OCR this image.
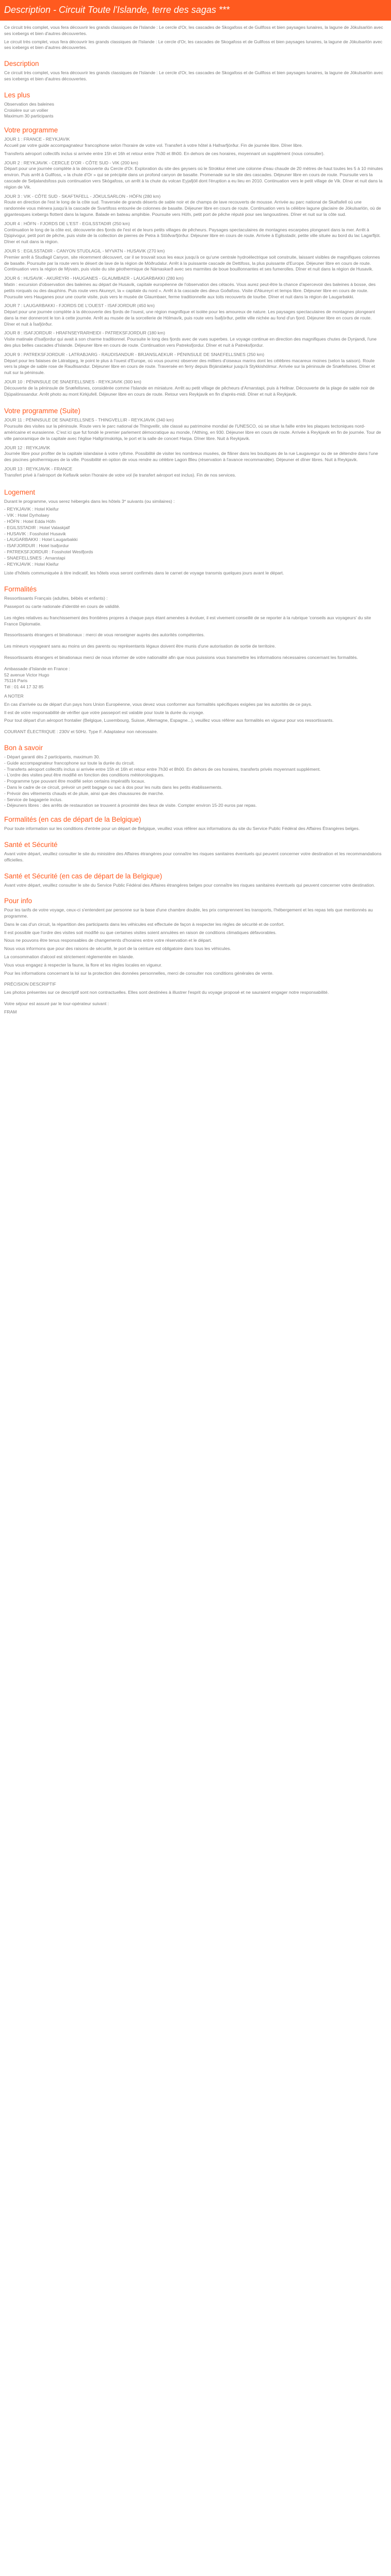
Description - Circuit Toute l'Islande, terre des sagas ***

Ce circuit très complet, vous fera découvrir les grands classiques de l'Islande : Le cercle d'Or, les cascades de Skogafoss et de Gullfoss et bien paysages lunaires, la lagune de Jökulsarlón avec ses icebergs et bien d'autres découvertes.

Le circuit très complet, vous fera découvrir les grands classiques de l'Islande : Le cercle d'Or, les cascades de Skogafoss et de Gullfoss et bien paysages lunaires, la lagune de Jökulsarlón avec ses icebergs et bien d'autres découvertes.

Description

Ce circuit très complet, vous fera découvrir les grands classiques de l'Islande : Le cercle d'Or, les cascades de Skogafoss et de Gullfoss et bien paysages lunaires, la lagune de Jökulsarlón avec ses icebergs et bien d'autres découvertes.

Les plus
Observation des baleines
Croisière sur un voilier
Maximum 30 participants
Votre programme
JOUR 1 : FRANCE - REYKJAVIK

Accueil par votre guide accompagnateur francophone selon l'horaire de votre vol. Transfert à votre hôtel à Hafnarfjörður. Fin de journée libre. Dîner libre.

Transferts aéroport collectifs inclus si arrivée entre 15h et 16h et retour entre 7h30 et 8h00. En dehors de ces horaires, moyennant un supplément (nous consulter).

JOUR 2 : REYKJAVIK - CERCLE D'OR - CÔTE SUD - VIK (200 km)

Départ pour une journée complète à la découverte du Cercle d'Or. Exploration du site des geysers où le Strokkur émet une colonne d'eau chaude de 20 mètres de haut toutes les 5 à 10 minutes environ. Puis arrêt à Gullfoss, « la chute d'Or » qui se précipite dans un profond canyon de basalte. Promenade sur le site des cascades. Déjeuner libre en cours de route. Poursuite vers la cascade de Seljalandsfoss puis continuation vers Skógafoss, un arrêt à la chute du volcan Eyjafjöll dont l'éruption a eu lieu en 2010. Continuation vers le petit village de Vik. Dîner et nuit dans la région de Vik.

JOUR 3 : VIK - CÔTE SUD - SKAFTAFELL - JÖKULSARLON - HÖFN (280 km)

Route en direction de l'est le long de la côte sud. Traversée de grands déserts de sable noir et de champs de lave recouverts de mousse. Arrivée au parc national de Skaftafell où une randonnée vous mènera jusqu'à la cascade de Svartifoss entourée de colonnes de basalte. Déjeuner libre en cours de route. Continuation vers la célèbre lagune glaciaire de Jökulsarlón, où de gigantesques icebergs flottent dans la lagune. Balade en bateau amphibie. Poursuite vers Höfn, petit port de pêche réputé pour ses langoustines. Dîner et nuit sur la côte sud.

JOUR 4 : HÖFN - FJORDS DE L'EST - EGILSSTADIR (250 km)

Continuation le long de la côte est, découverte des fjords de l'est et de leurs petits villages de pêcheurs. Paysages spectaculaires de montagnes escarpées plongeant dans la mer. Arrêt à Djúpivogur, petit port de pêche, puis visite de la collection de pierres de Petra à Stöðvarfjörður. Déjeuner libre en cours de route. Arrivée à Egilsstadir, petite ville située au bord du lac Lagarfljót. Dîner et nuit dans la région.

JOUR 5 : EGILSSTADIR - CANYON STUDLAGIL - MYVATN - HUSAVIK (270 km)

Premier arrêt à Studlagil Canyon, site récemment découvert, car il se trouvait sous les eaux jusqu'à ce qu'une centrale hydroélectrique soit construite, laissant visibles de magnifiques colonnes de basalte. Poursuite par la route vers le désert de lave de la région de Möðrudalur. Arrêt à la puissante cascade de Dettifoss, la plus puissante d'Europe. Déjeuner libre en cours de route. Continuation vers la région de Mývatn, puis visite du site géothermique de Námaskarð avec ses marmites de boue bouillonnantes et ses fumerolles. Dîner et nuit dans la région de Husavik.

JOUR 6 : HUSAVIK - AKUREYRI - HAUGANES - GLAUMBAER - LAUGARBAKKI (280 km)

Matin : excursion d'observation des baleines au départ de Husavik, capitale européenne de l'observation des cétacés. Vous aurez peut-être la chance d'apercevoir des baleines à bosse, des petits rorquals ou des dauphins. Puis route vers Akureyri, la « capitale du nord ». Arrêt à la cascade des dieux Goðafoss. Visite d'Akureyri et temps libre. Déjeuner libre en cours de route. Poursuite vers Hauganes pour une courte visite, puis vers le musée de Glaumbaer, ferme traditionnelle aux toits recouverts de tourbe. Dîner et nuit dans la région de Laugarbakki.

JOUR 7 : LAUGARBAKKI - FJORDS DE L'OUEST - ISAFJORDUR (450 km)

Départ pour une journée complète à la découverte des fjords de l'ouest, une région magnifique et isolée pour les amoureux de nature. Les paysages spectaculaires de montagnes plongeant dans la mer donneront le ton à cette journée. Arrêt au musée de la sorcellerie de Hólmavík, puis route vers Ísafjörður, petite ville nichée au fond d'un fjord. Déjeuner libre en cours de route. Dîner et nuit à Ísafjörður.

JOUR 8 : ISAFJORDUR - HRAFNSEYRARHEIDI - PATREKSFJORDUR (180 km)

Visite matinale d'Isafjordur qui avait à son charme traditionnel. Poursuite le long des fjords avec de vues superbes. Le voyage continue en direction des magnifiques chutes de Dynjandi, l'une des plus belles cascades d'Islande. Déjeuner libre en cours de route. Continuation vers Patreksfjordur. Dîner et nuit à Patreksfjordur.

JOUR 9 : PATREKSFJORDUR - LATRABJARG - RAUDISANDUR - BRJANSLAEKUR - PÉNINSULE DE SNAEFELLSNES (250 km)

Départ pour les falaises de Látrabjarg, le point le plus à l'ouest d'Europe, où vous pourrez observer des milliers d'oiseaux marins dont les célèbres macareux moines (selon la saison). Route vers la plage de sable rose de Rauðisandur. Déjeuner libre en cours de route. Traversée en ferry depuis Brjánslækur jusqu'à Stykkishólmur. Arrivée sur la péninsule de Snæfellsnes. Dîner et nuit sur la péninsule.

JOUR 10 : PÉNINSULE DE SNAEFELLSNES - REYKJAVIK (300 km)

Découverte de la péninsule de Snæfellsnes, considérée comme l'Islande en miniature. Arrêt au petit village de pêcheurs d'Arnarstapi, puis à Hellnar. Découverte de la plage de sable noir de Djúpalónssandur. Arrêt photo au mont Kirkjufell. Déjeuner libre en cours de route. Retour vers Reykjavik en fin d'après-midi. Dîner et nuit à Reykjavik.

Votre programme (Suite)
JOUR 11 : PÉNINSULE DE SNAEFELLSNES - THINGVELLIR - REYKJAVIK (340 km)

Poursuite des visites sur la péninsule. Route vers le parc national de Thingvellir, site classé au patrimoine mondial de l'UNESCO, où se situe la faille entre les plaques tectoniques nord-américaine et eurasienne. C'est ici que fut fondé le premier parlement démocratique au monde, l'Althing, en 930. Déjeuner libre en cours de route. Arrivée à Reykjavik en fin de journée. Tour de ville panoramique de la capitale avec l'église Hallgrímskirkja, le port et la salle de concert Harpa. Dîner libre. Nuit à Reykjavik.

JOUR 12 : REYKJAVIK

Journée libre pour profiter de la capitale islandaise à votre rythme. Possibilité de visiter les nombreux musées, de flâner dans les boutiques de la rue Laugavegur ou de se détendre dans l'une des piscines géothermiques de la ville. Possibilité en option de vous rendre au célèbre Lagon Bleu (réservation à l'avance recommandée). Déjeuner et dîner libres. Nuit à Reykjavik.

JOUR 13 : REYKJAVIK - FRANCE

Transfert privé à l'aéroport de Keflavik selon l'horaire de votre vol (le transfert aéroport est inclus). Fin de nos services.

Logement

Durant le programme, vous serez hébergés dans les hôtels 3* suivants (ou similaires) :

- REYKJAVIK : Hotel Kleifur
- VIK : Hotel Dyrholaey
- HÖFN : Hotel Edda Höfn
- EGILSSTADIR : Hotel Valaskjalf
- HUSAVIK : Fosshotel Husavik
- LAUGARBAKKI : Hotel Laugarbakki
- ISAFJORDUR : Hotel Isafjordur
- PATREKSFJORDUR : Fosshotel Westfjords
- SNAEFELLSNES : Arnarstapi
- REYKJAVIK : Hotel Kleifur

Liste d'hôtels communiquée à titre indicatif, les hôtels vous seront confirmés dans le carnet de voyage transmis quelques jours avant le départ.

Formalités

Ressortissants Français (adultes, bébés et enfants) :

Passeport ou carte nationale d'identité en cours de validité.

Les règles relatives au franchissement des frontières propres à chaque pays étant amenées à évoluer, il est vivement conseillé de se reporter à la rubrique 'conseils aux voyageurs' du site France Diplomatie.

Ressortissants étrangers et binationaux : merci de vous renseigner auprès des autorités compétentes.

Les mineurs voyageant sans au moins un des parents ou représentants légaux doivent être munis d'une autorisation de sortie de territoire.

Ressortissants étrangers et binationaux merci de nous informer de votre nationalité afin que nous puissions vous transmettre les informations nécessaires concernant les formalités.

Ambassade d'Islande en France :
52 avenue Victor Hugo
75116 Paris
Tél : 01 44 17 32 85

A NOTER

En cas d'arrivée ou de départ d'un pays hors Union Européenne, vous devez vous conformer aux formalités spécifiques exigées par les autorités de ce pays.

Il est de votre responsabilité de vérifier que votre passeport est valable pour toute la durée du voyage.

Pour tout départ d'un aéroport frontalier (Belgique, Luxembourg, Suisse, Allemagne, Espagne...), veuillez vous référer aux formalités en vigueur pour vos ressortissants.

COURANT ÉLECTRIQUE : 230V et 50Hz. Type F. Adaptateur non nécessaire.

Bon à savoir
- Départ garanti dès 2 participants, maximum 30.
- Guide accompagnateur francophone sur toute la durée du circuit.
- Transferts aéroport collectifs inclus si arrivée entre 15h et 16h et retour entre 7h30 et 8h00. En dehors de ces horaires, transferts privés moyennant supplément.
- L'ordre des visites peut être modifié en fonction des conditions météorologiques.
- Programme type pouvant être modifié selon certains impératifs locaux.
- Dans le cadre de ce circuit, prévoir un petit bagage ou sac à dos pour les nuits dans les petits établissements.
- Prévoir des vêtements chauds et de pluie, ainsi que des chaussures de marche.
- Service de bagagerie inclus.
- Déjeuners libres : des arrêts de restauration se trouvent à proximité des lieux de visite. Compter environ 15-20 euros par repas.
Formalités (en cas de départ de la Belgique)

Pour toute information sur les conditions d'entrée pour un départ de Belgique, veuillez vous référer aux informations du site du Service Public Fédéral des Affaires Étrangères belges.

Santé et Sécurité

Avant votre départ, veuillez consulter le site du ministère des Affaires étrangères pour connaître les risques sanitaires éventuels qui peuvent concerner votre destination et les recommandations officielles.

Santé et Sécurité (en cas de départ de la Belgique)

Avant votre départ, veuillez consulter le site du Service Public Fédéral des Affaires étrangères belges pour connaître les risques sanitaires éventuels qui peuvent concerner votre destination.

Pour info

Pour les tarifs de votre voyage, ceux-ci s'entendent par personne sur la base d'une chambre double, les prix comprennent les transports, l'hébergement et les repas tels que mentionnés au programme.

Dans le cas d'un circuit, la répartition des participants dans les véhicules est effectuée de façon à respecter les règles de sécurité et de confort.

Il est possible que l'ordre des visites soit modifié ou que certaines visites soient annulées en raison de conditions climatiques défavorables.

Nous ne pouvons être tenus responsables de changements d'horaires entre votre réservation et le départ.

Nous vous informons que pour des raisons de sécurité, le port de la ceinture est obligatoire dans tous les véhicules.

La consommation d'alcool est strictement réglementée en Islande.

Vous vous engagez à respecter la faune, la flore et les règles locales en vigueur.

Pour les informations concernant la loi sur la protection des données personnelles, merci de consulter nos conditions générales de vente.

PRÉCISION DESCRIPTIF

Les photos présentes sur ce descriptif sont non contractuelles. Elles sont destinées à illustrer l'esprit du voyage proposé et ne sauraient engager notre responsabilité.

Votre séjour est assuré par le tour-opérateur suivant :

FRAM
